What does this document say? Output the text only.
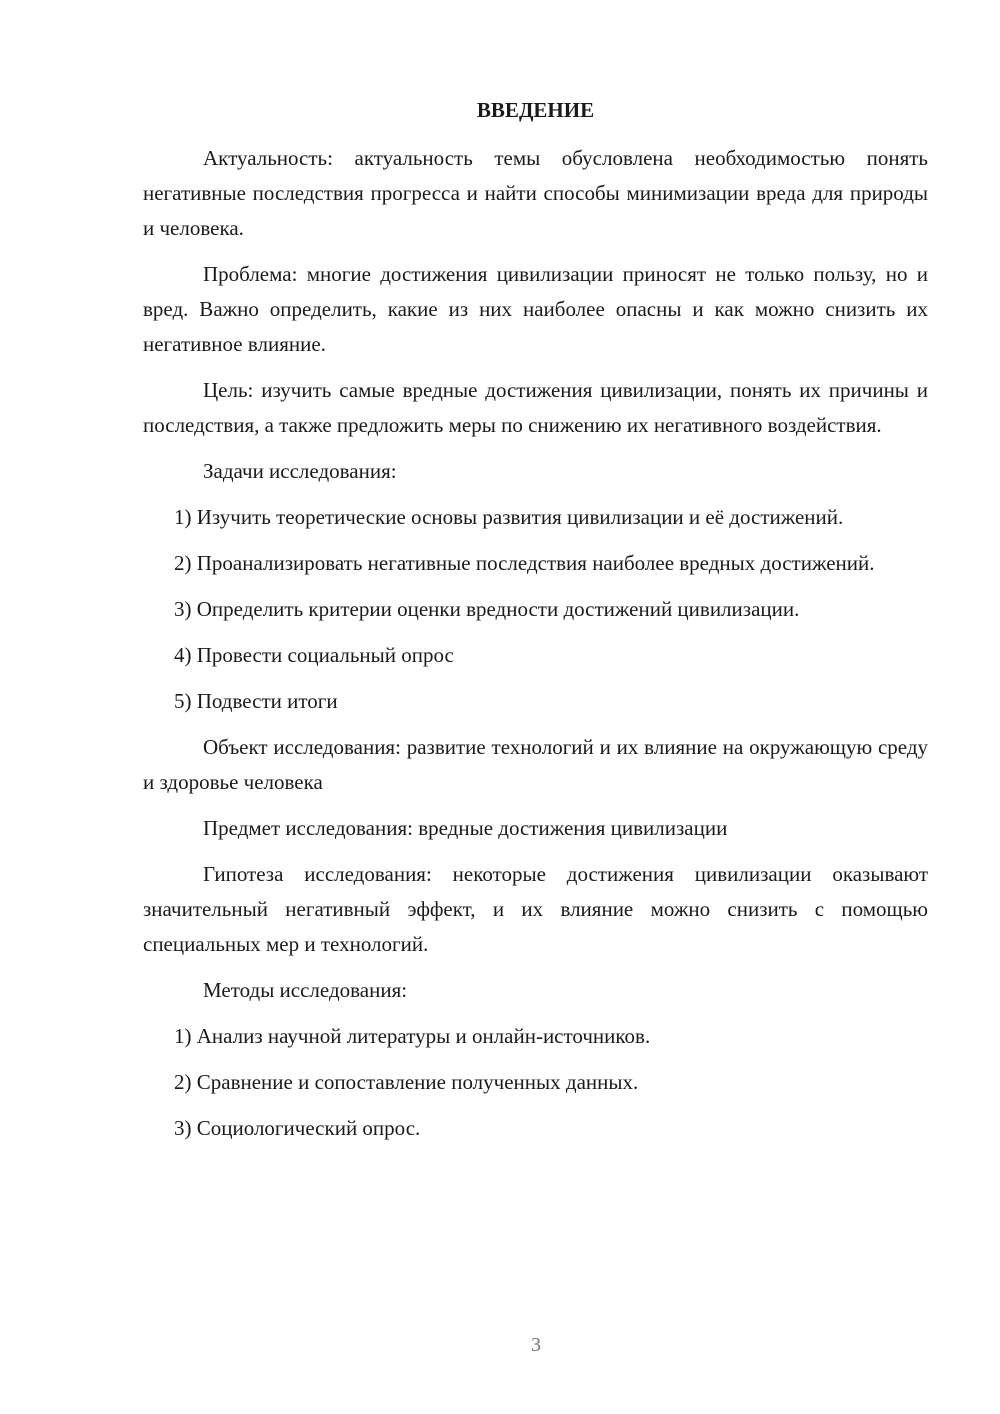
ВВЕДЕНИЕ

Актуальность: актуальность темы обусловлена необходимостью понять негативные последствия прогресса и найти способы минимизации вреда для природы и человека.

Проблема: многие достижения цивилизации приносят не только пользу, но и вред. Важно определить, какие из них наиболее опасны и как можно снизить их негативное влияние.

Цель: изучить самые вредные достижения цивилизации, понять их причины и последствия, а также предложить меры по снижению их негативного воздействия.

Задачи исследования:

1) Изучить теоретические основы развития цивилизации и её достижений.

2) Проанализировать негативные последствия наиболее вредных достижений.

3) Определить критерии оценки вредности достижений цивилизации.

4) Провести социальный опрос

5) Подвести итоги

Объект исследования: развитие технологий и их влияние на окружающую среду и здоровье человека

Предмет исследования: вредные достижения цивилизации

Гипотеза исследования: некоторые достижения цивилизации оказывают значительный негативный эффект, и их влияние можно снизить с помощью специальных мер и технологий.

Методы исследования:

1) Анализ научной литературы и онлайн-источников.

2) Сравнение и сопоставление полученных данных.

3) Социологический опрос.

3
